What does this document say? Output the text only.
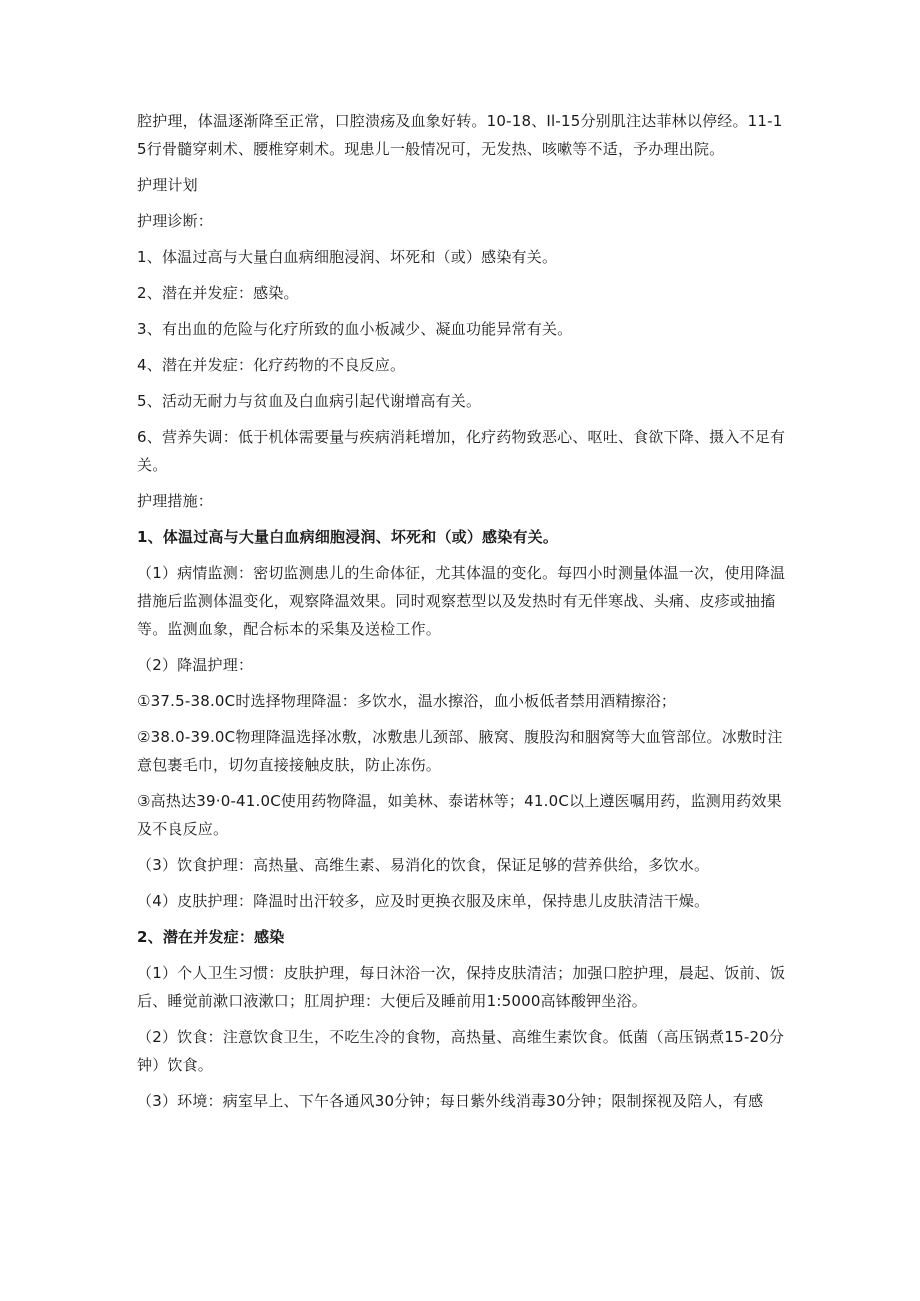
腔护理，体温逐渐降至正常，口腔溃疡及血象好转。10-18、Il-15分别肌注达菲林以停经。11-15行骨髓穿刺术、腰椎穿刺术。现患儿一般情况可，无发热、咳嗽等不适，予办理出院。

护理计划

护理诊断：

1、体温过高与大量白血病细胞浸润、坏死和（或）感染有关。

2、潜在并发症：感染。

3、有出血的危险与化疗所致的血小板减少、凝血功能异常有关。

4、潜在并发症：化疗药物的不良反应。

5、活动无耐力与贫血及白血病引起代谢增高有关。

6、营养失调：低于机体需要量与疾病消耗增加，化疗药物致恶心、呕吐、食欲下降、摄入不足有关。

护理措施：

1、体温过高与大量白血病细胞浸润、坏死和（或）感染有关。

（1）病情监测：密切监测患儿的生命体征，尤其体温的变化。每四小时测量体温一次，使用降温措施后监测体温变化，观察降温效果。同时观察惹型以及发热时有无伴寒战、头痛、皮疹或抽搐等。监测血象，配合标本的采集及送检工作。

（2）降温护理：

①37.5-38.0C时选择物理降温：多饮水，温水擦浴，血小板低者禁用酒精擦浴；

②38.0-39.0C物理降温选择冰敷，冰敷患儿颈部、腋窝、腹股沟和胭窝等大血管部位。冰敷时注意包裹毛巾，切勿直接接触皮肤，防止冻伤。

③高热达39·0-41.0C使用药物降温，如美林、泰诺林等；41.0C以上遵医嘱用药，监测用药效果及不良反应。

（3）饮食护理：高热量、高维生素、易消化的饮食，保证足够的营养供给，多饮水。

（4）皮肤护理：降温时出汗较多，应及时更换衣服及床单，保持患儿皮肤清洁干燥。

2、潜在并发症：感染

（1）个人卫生习惯：皮肤护理，每日沐浴一次，保持皮肤清洁；加强口腔护理，晨起、饭前、饭后、睡觉前漱口液漱口；肛周护理：大便后及睡前用1:5000高钵酸钾坐浴。

（2）饮食：注意饮食卫生，不吃生冷的食物，高热量、高维生素饮食。低菌（高压锅煮15-20分钟）饮食。

（3）环境：病室早上、下午各通风30分钟；每日紫外线消毒30分钟；限制探视及陪人，有感
